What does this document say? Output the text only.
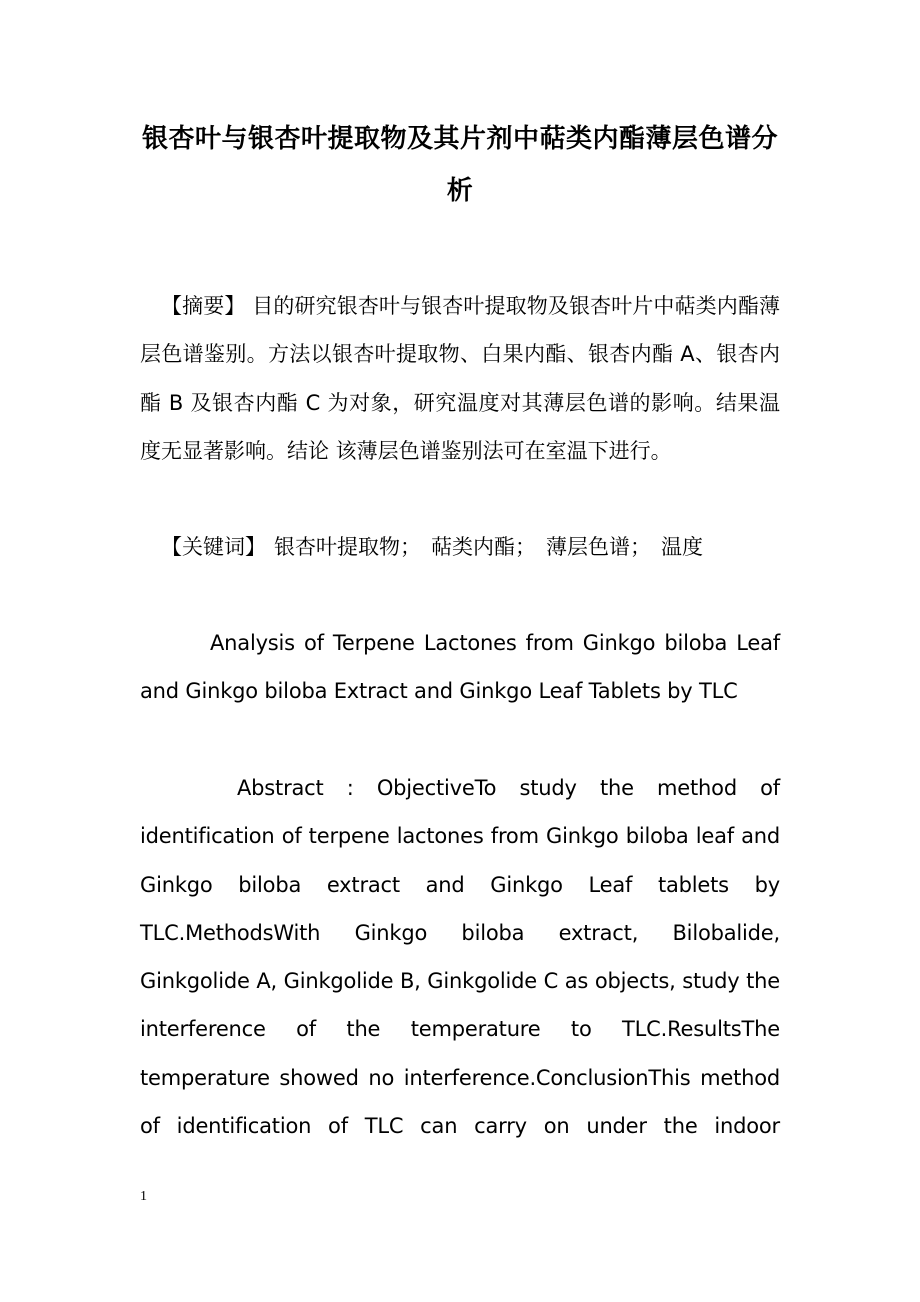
银杏叶与银杏叶提取物及其片剂中萜类内酯薄层色谱分析
【摘要】 目的研究银杏叶与银杏叶提取物及银杏叶片中萜类内酯薄层色谱鉴别。方法以银杏叶提取物、白果内酯、银杏内酯 A、银杏内酯 B 及银杏内酯 C 为对象，研究温度对其薄层色谱的影响。结果温度无显著影响。结论 该薄层色谱鉴别法可在室温下进行。
【关键词】 银杏叶提取物； 萜类内酯； 薄层色谱； 温度
Analysis of Terpene Lactones from Ginkgo biloba Leaf and Ginkgo biloba Extract and Ginkgo Leaf Tablets by TLC
Abstract : ObjectiveTo study the method of identification of terpene lactones from Ginkgo biloba leaf and Ginkgo biloba extract and Ginkgo Leaf tablets by TLC.MethodsWith Ginkgo biloba extract, Bilobalide, Ginkgolide A, Ginkgolide B, Ginkgolide C as objects, study the interference of the temperature to TLC.ResultsThe temperature showed no interference.ConclusionThis method of identification of TLC can carry on under the indoor
1
